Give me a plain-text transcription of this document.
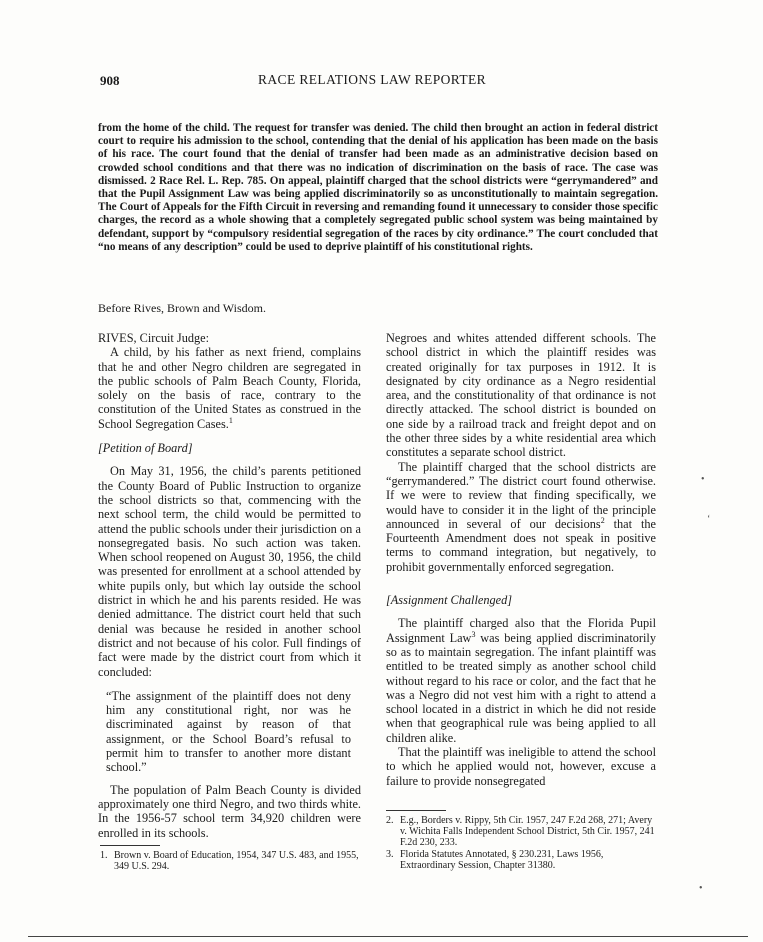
908	RACE RELATIONS LAW REPORTER
from the home of the child. The request for transfer was denied. The child then brought an action in federal district court to require his admission to the school, contending that the denial of his application has been made on the basis of his race. The court found that the denial of transfer had been made as an administrative decision based on crowded school conditions and that there was no indication of discrimination on the basis of race. The case was dismissed. 2 Race Rel. L. Rep. 785. On appeal, plaintiff charged that the school districts were “gerrymandered” and that the Pupil Assignment Law was being applied discriminatorily so as unconstitutionally to maintain segregation. The Court of Appeals for the Fifth Circuit in reversing and remanding found it unnecessary to consider those specific charges, the record as a whole showing that a completely segregated public school system was being maintained by defendant, support by “compulsory residential segregation of the races by city ordinance.” The court concluded that “no means of any description” could be used to deprive plaintiff of his constitutional rights.
Before Rives, Brown and Wisdom.

RIVES, Circuit Judge:

A child, by his father as next friend, complains that he and other Negro children are segregated in the public schools of Palm Beach County, Florida, solely on the basis of race, contrary to the constitution of the United States as construed in the School Segregation Cases.$^1$

[Petition of Board]

On May 31, 1956, the child’s parents petitioned the County Board of Public Instruction to organize the school districts so that, commencing with the next school term, the child would be permitted to attend the public schools under their jurisdiction on a nonsegregated basis. No such action was taken. When school reopened on August 30, 1956, the child was presented for enrollment at a school attended by white pupils only, but which lay outside the school district in which he and his parents resided. He was denied admittance. The district court held that such denial was because he resided in another school district and not because of his color. Full findings of fact were made by the district court from which it concluded:

“The assignment of the plaintiff does not deny him any constitutional right, nor was he discriminated against by reason of that assignment, or the School Board’s refusal to permit him to transfer to another more distant school.”

The population of Palm Beach County is divided approximately one third Negro, and two thirds white. In the 1956-57 school term 34,920 children were enrolled in its schools.

Negroes and whites attended different schools. The school district in which the plaintiff resides was created originally for tax purposes in 1912. It is designated by city ordinance as a Negro residential area, and the constitutionality of that ordinance is not directly attacked. The school district is bounded on one side by a railroad track and freight depot and on the other three sides by a white residential area which constitutes a separate school district.

The plaintiff charged that the school districts are “gerrymandered.” The district court found otherwise. If we were to review that finding specifically, we would have to consider it in the light of the principle announced in several of our decisions$^2$ that the Fourteenth Amendment does not speak in positive terms to command integration, but negatively, to prohibit governmentally enforced segregation.

[Assignment Challenged]

The plaintiff charged also that the Florida Pupil Assignment Law$^3$ was being applied discriminatorily so as to maintain segregation. The infant plaintiff was entitled to be treated simply as another school child without regard to his race or color, and the fact that he was a Negro did not vest him with a right to attend a school located in a district in which he did not reside when that geographical rule was being applied to all children alike.

That the plaintiff was ineligible to attend the school to which he applied would not, however, excuse a failure to provide nonsegregated

1. Brown v. Board of Education, 1954, 347 U.S. 483, and 1955, 349 U.S. 294.
2. E.g., Borders v. Rippy, 5th Cir. 1957, 247 F.2d 268, 271; Avery v. Wichita Falls Independent School District, 5th Cir. 1957, 241 F.2d 230, 233.
3. Florida Statutes Annotated, § 230.231, Laws 1956, Extraordinary Session, Chapter 31380.
•
‘
•
